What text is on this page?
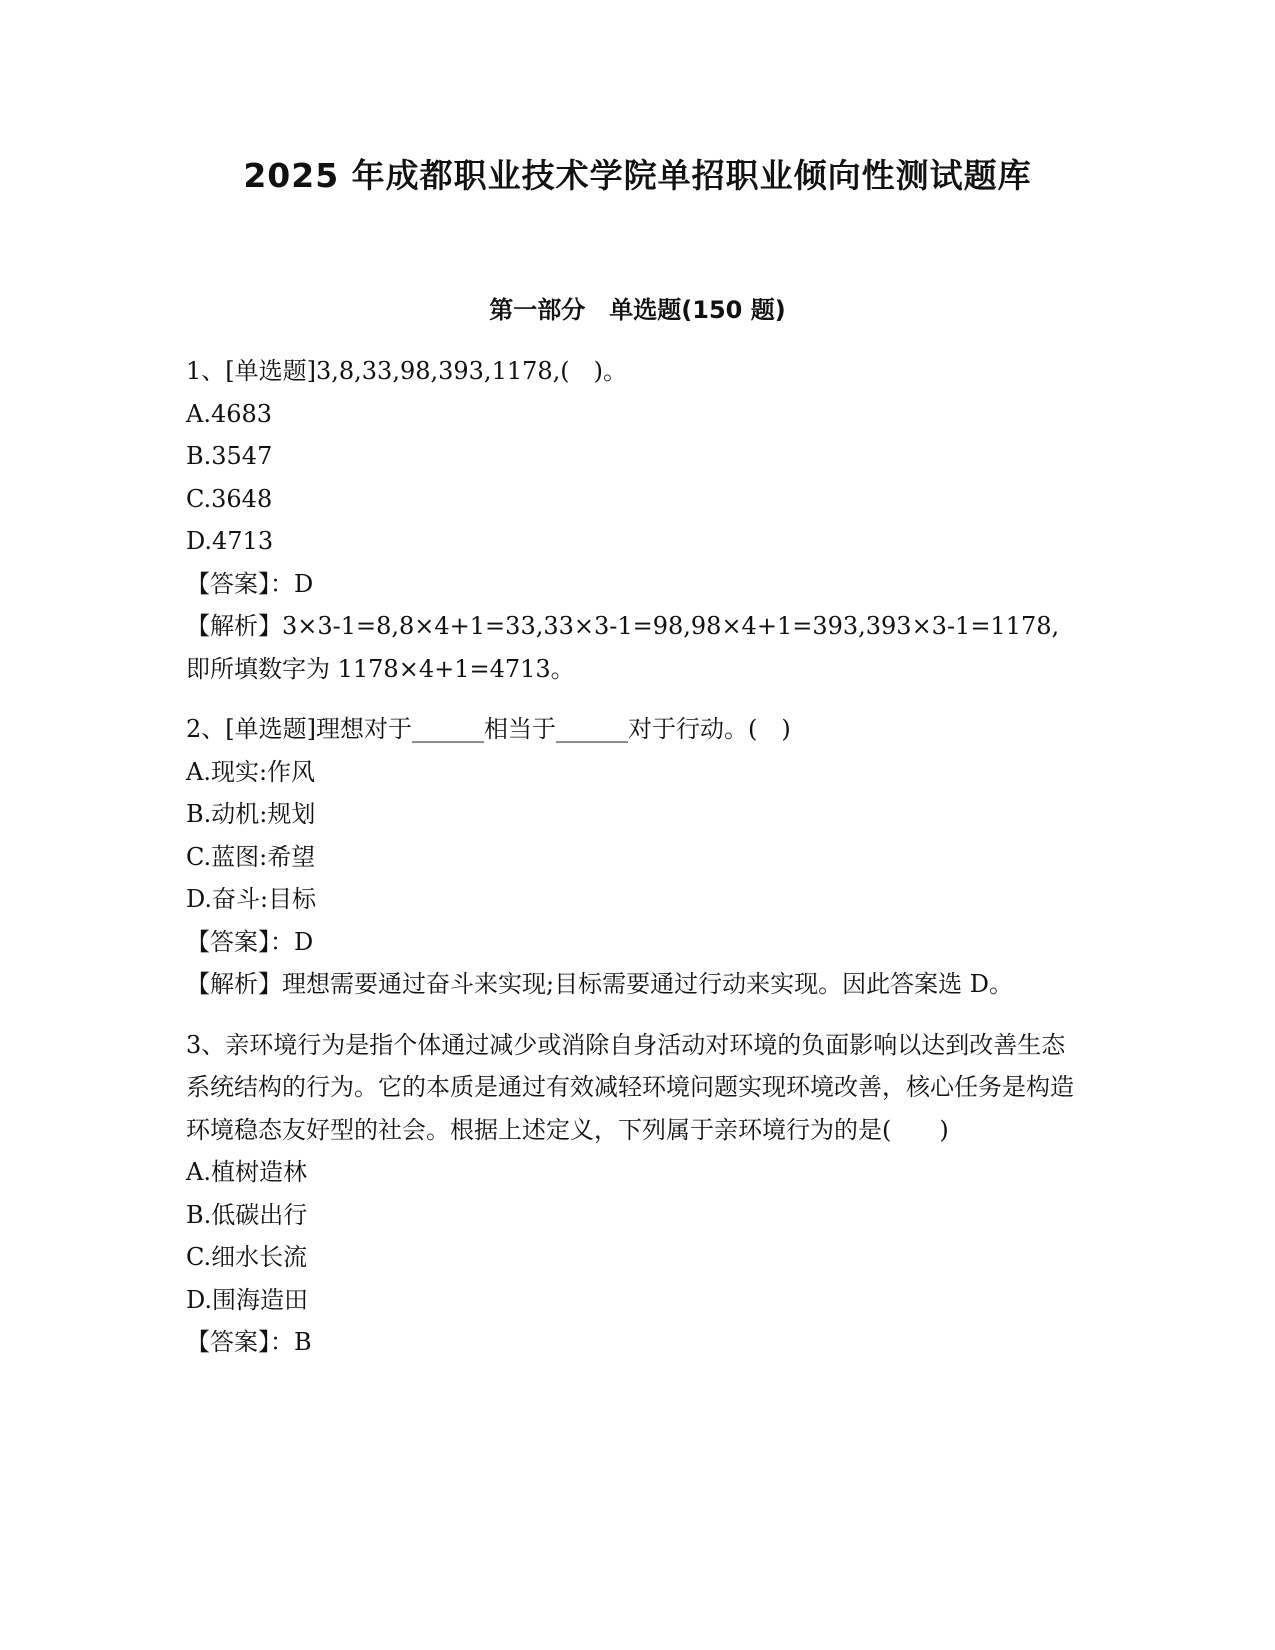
2025 年成都职业技术学院单招职业倾向性测试题库
第一部分　单选题(150 题)
1、[单选题]3,8,33,98,393,1178,(　)。
A.4683
B.3547
C.3648
D.4713
【答案】：D
【解析】3×3-1=8,8×4+1=33,33×3-1=98,98×4+1=393,393×3-1=1178,即所填数字为 1178×4+1=4713。
2、[单选题]理想对于______相当于______对于行动。(　)
A.现实:作风
B.动机:规划
C.蓝图:希望
D.奋斗:目标
【答案】：D
【解析】理想需要通过奋斗来实现;目标需要通过行动来实现。因此答案选 D。
3、亲环境行为是指个体通过减少或消除自身活动对环境的负面影响以达到改善生态系统结构的行为。它的本质是通过有效减轻环境问题实现环境改善，核心任务是构造环境稳态友好型的社会。根据上述定义，下列属于亲环境行为的是(　　)
A.植树造林
B.低碳出行
C.细水长流
D.围海造田
【答案】：B
